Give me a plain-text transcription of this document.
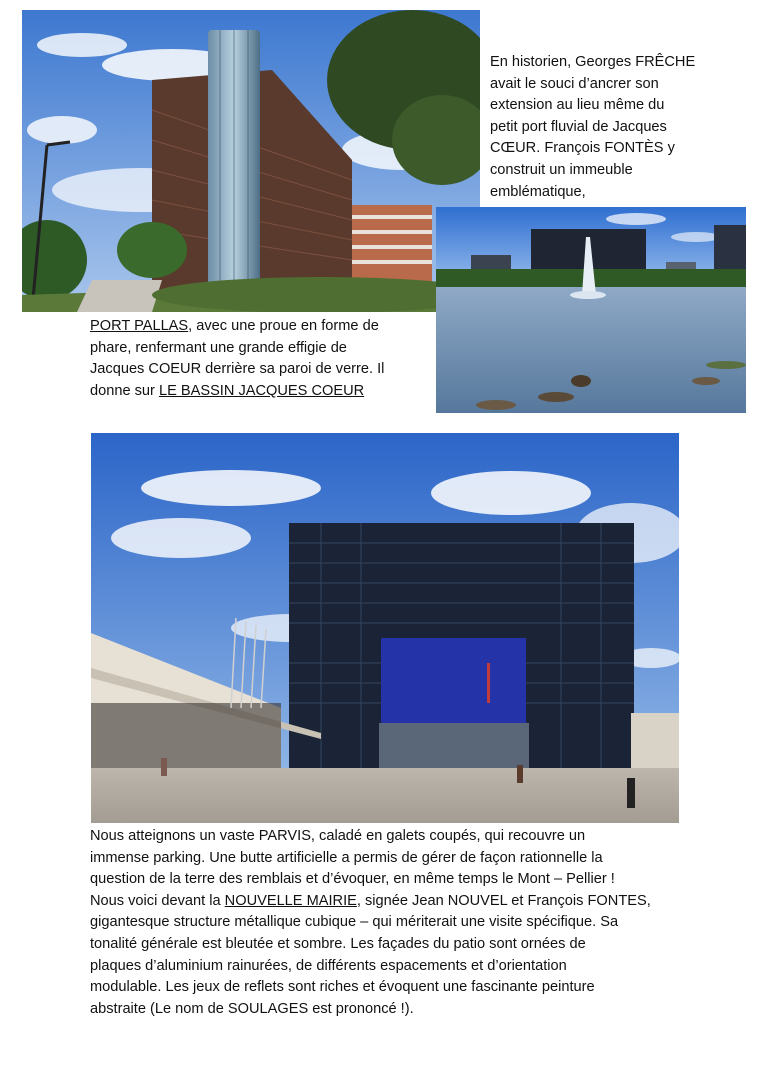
En historien, Georges FRÊCHE
avait le souci d’ancrer son
extension au lieu même du
petit port fluvial de Jacques
CŒUR. François FONTÈS y
construit un immeuble
emblématique,
PORT PALLAS, avec une proue en forme de
phare, renfermant une grande effigie de
Jacques COEUR derrière sa paroi de verre. Il
donne sur LE BASSIN JACQUES COEUR
Nous atteignons un vaste PARVIS, caladé en galets coupés, qui recouvre un
immense parking. Une butte artificielle a permis de gérer de façon rationnelle la
question de la terre des remblais et d’évoquer, en même temps le Mont – Pellier !
Nous voici devant la NOUVELLE MAIRIE, signée Jean NOUVEL et François FONTES,
gigantesque structure métallique cubique – qui mériterait une visite spécifique. Sa
tonalité générale est bleutée et sombre. Les façades du patio sont ornées de
plaques d’aluminium rainurées, de différents espacements et d’orientation
modulable. Les jeux de reflets sont riches et évoquent une fascinante peinture
abstraite (Le nom de SOULAGES est prononcé !).
